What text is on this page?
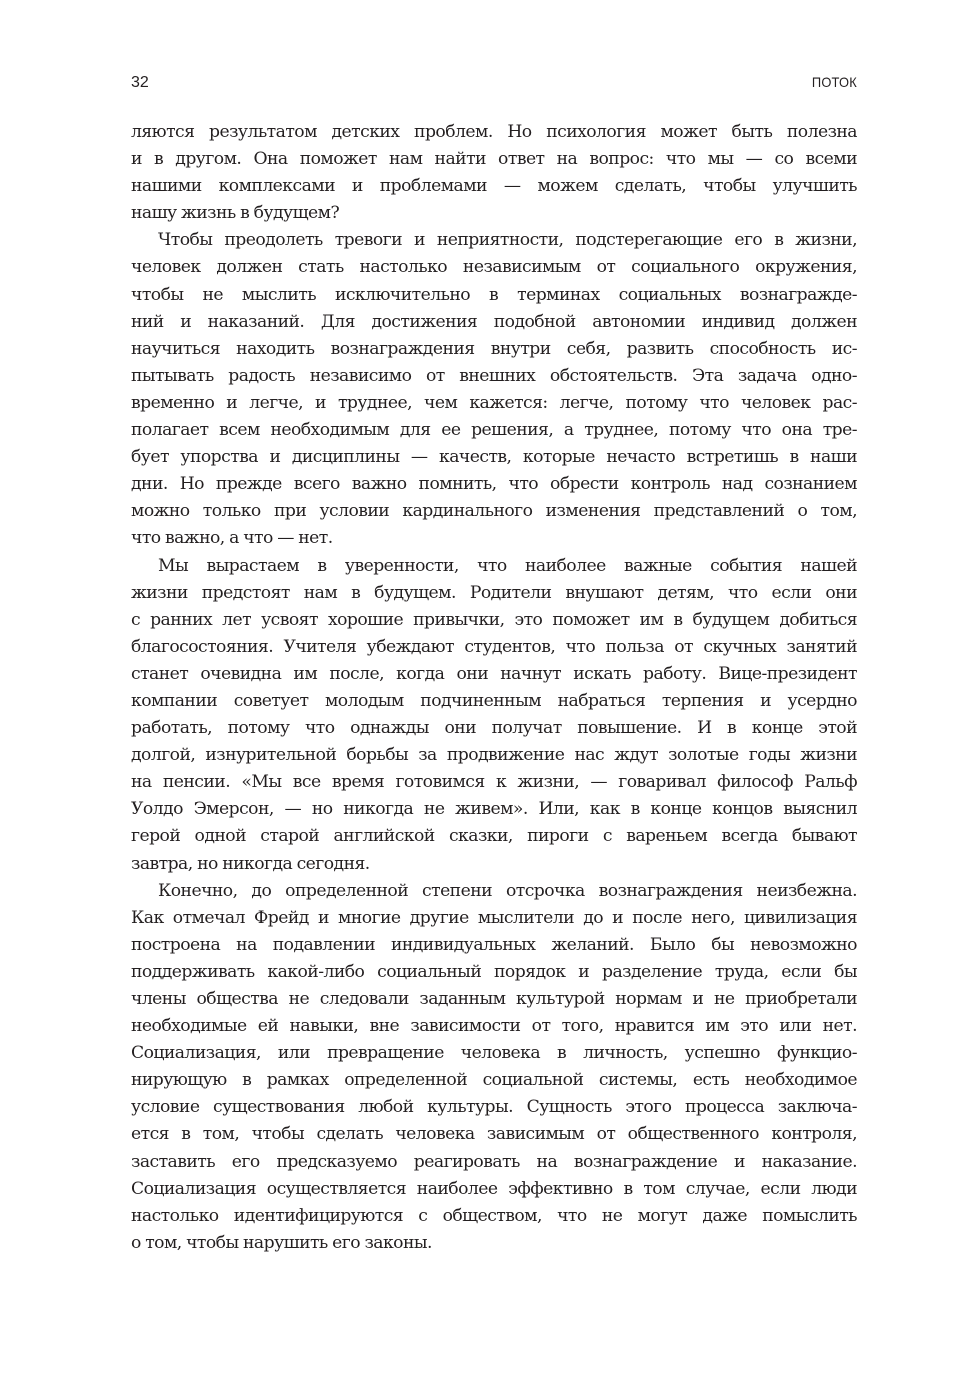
32	ПОТОК
ляются результатом детских проблем. Но психология может быть полезна
и в другом. Она поможет нам найти ответ на вопрос: что мы — со всеми
нашими комплексами и проблемами — можем сделать, чтобы улучшить
нашу жизнь в будущем?
Чтобы преодолеть тревоги и неприятности, подстерегающие его в жизни,
человек должен стать настолько независимым от социального окружения,
чтобы не мыслить исключительно в терминах социальных вознагражде-
ний и наказаний. Для достижения подобной автономии индивид должен
научиться находить вознаграждения внутри себя, развить способность ис-
пытывать радость независимо от внешних обстоятельств. Эта задача одно-
временно и легче, и труднее, чем кажется: легче, потому что человек рас-
полагает всем необходимым для ее решения, а труднее, потому что она тре-
бует упорства и дисциплины — качеств, которые нечасто встретишь в наши
дни. Но прежде всего важно помнить, что обрести контроль над сознанием
можно только при условии кардинального изменения представлений о том,
что важно, а что — нет.
Мы вырастаем в уверенности, что наиболее важные события нашей
жизни предстоят нам в будущем. Родители внушают детям, что если они
с ранних лет усвоят хорошие привычки, это поможет им в будущем добиться
благосостояния. Учителя убеждают студентов, что польза от скучных занятий
станет очевидна им после, когда они начнут искать работу. Вице-президент
компании советует молодым подчиненным набраться терпения и усердно
работать, потому что однажды они получат повышение. И в конце этой
долгой, изнурительной борьбы за продвижение нас ждут золотые годы жизни
на пенсии. «Мы все время готовимся к жизни, — говаривал философ Ральф
Уолдо Эмерсон, — но никогда не живем». Или, как в конце концов выяснил
герой одной старой английской сказки, пироги с вареньем всегда бывают
завтра, но никогда сегодня.
Конечно, до определенной степени отсрочка вознаграждения неизбежна.
Как отмечал Фрейд и многие другие мыслители до и после него, цивилизация
построена на подавлении индивидуальных желаний. Было бы невозможно
поддерживать какой-либо социальный порядок и разделение труда, если бы
члены общества не следовали заданным культурой нормам и не приобретали
необходимые ей навыки, вне зависимости от того, нравится им это или нет.
Социализация, или превращение человека в личность, успешно функцио-
нирующую в рамках определенной социальной системы, есть необходимое
условие существования любой культуры. Сущность этого процесса заключа-
ется в том, чтобы сделать человека зависимым от общественного контроля,
заставить его предсказуемо реагировать на вознаграждение и наказание.
Социализация осуществляется наиболее эффективно в том случае, если люди
настолько идентифицируются с обществом, что не могут даже помыслить
о том, чтобы нарушить его законы.
